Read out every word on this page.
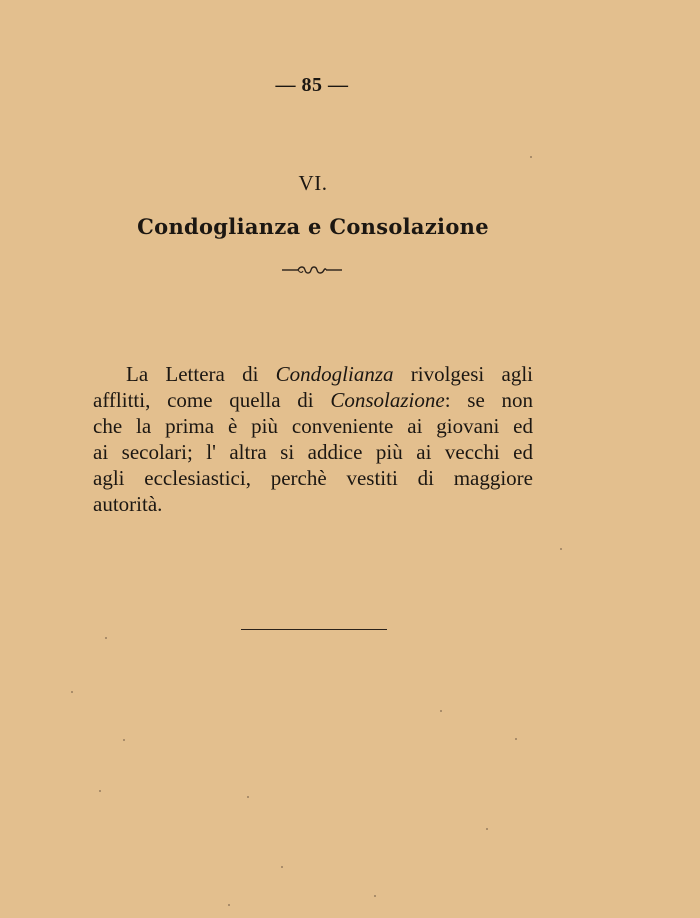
— 85 —
VI.
Condoglianza e Consolazione
La Lettera di Condoglianza rivolgesi agli
afflitti, come quella di Consolazione: se non
che la prima è più conveniente ai giovani ed
ai secolari; l' altra si addice più ai vecchi ed
agli ecclesiastici, perchè vestiti di maggiore
autorità.
